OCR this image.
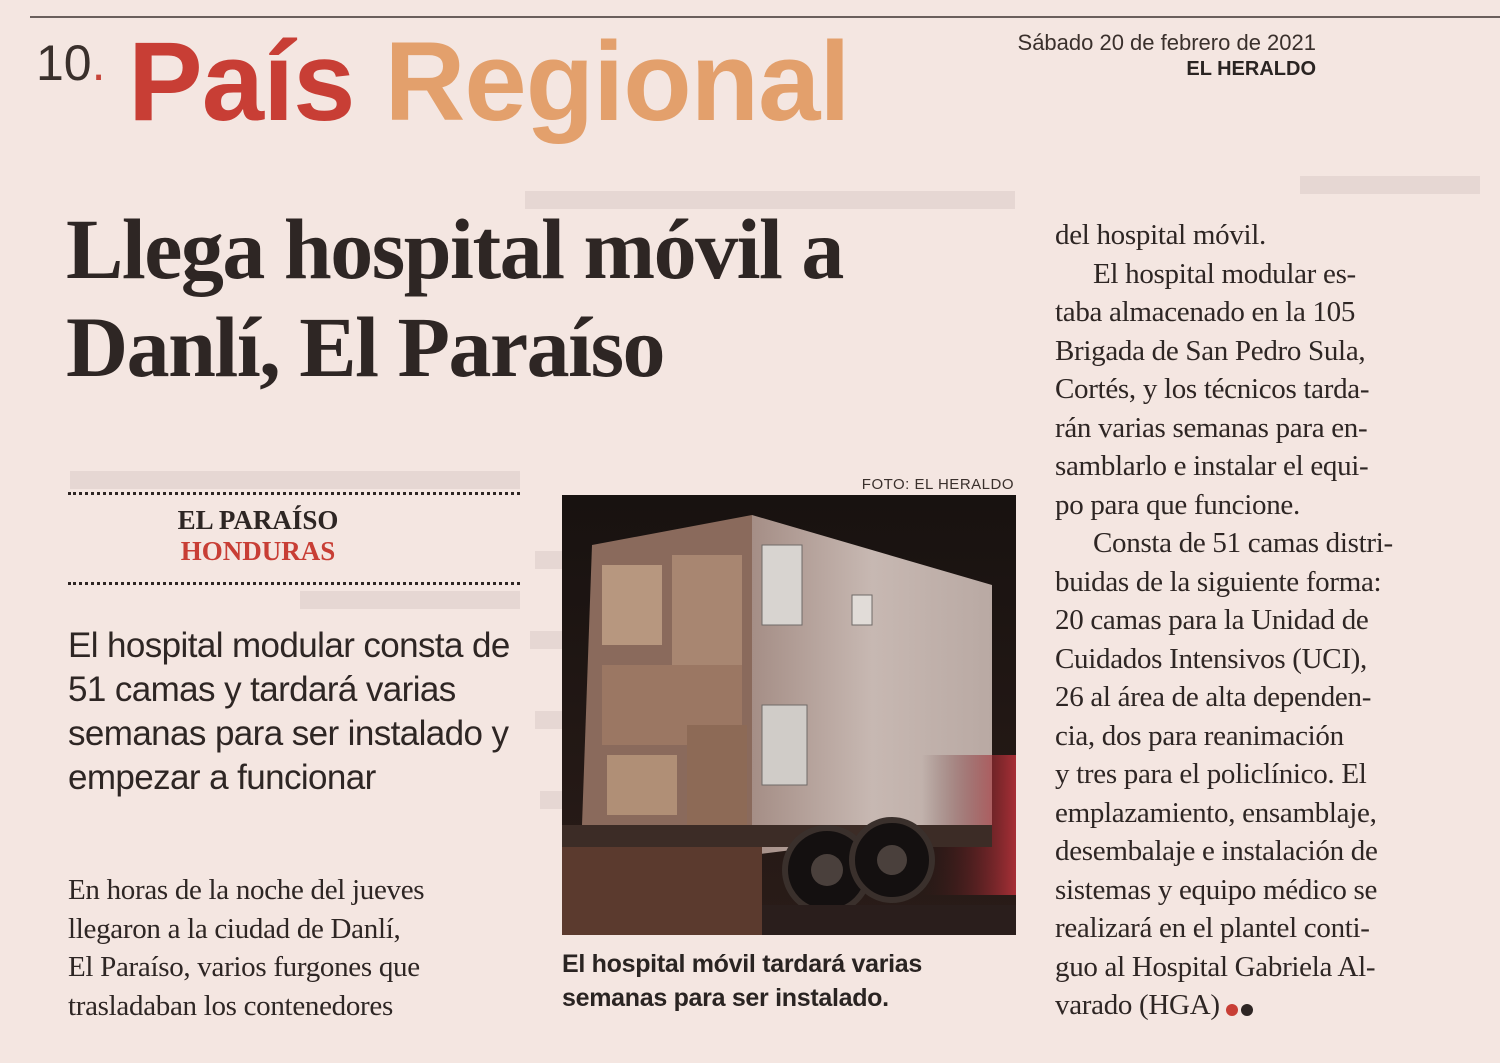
10. País Regional	Sábado 20 de febrero de 2021
EL HERALDO
Llega hospital móvil a Danlí, El Paraíso
EL PARAÍSO
HONDURAS

El hospital modular consta de 51 camas y tardará varias semanas para ser instalado y empezar a funcionar

En horas de la noche del jueves
llegaron a la ciudad de Danlí,
El Paraíso, varios furgones que
trasladaban los contenedores
FOTO: EL HERALDO

El hospital móvil tardará varias semanas para ser instalado.

del hospital móvil.
El hospital modular es-
taba almacenado en la 105
Brigada de San Pedro Sula,
Cortés, y los técnicos tarda-
rán varias semanas para en-
samblarlo e instalar el equi-
po para que funcione.
Consta de 51 camas distri-
buidas de la siguiente forma:
20 camas para la Unidad de
Cuidados Intensivos (UCI),
26 al área de alta dependen-
cia, dos para reanimación
y tres para el policlínico. El
emplazamiento, ensamblaje,
desembalaje e instalación de
sistemas y equipo médico se
realizará en el plantel conti-
guo al Hospital Gabriela Al-
varado (HGA)
